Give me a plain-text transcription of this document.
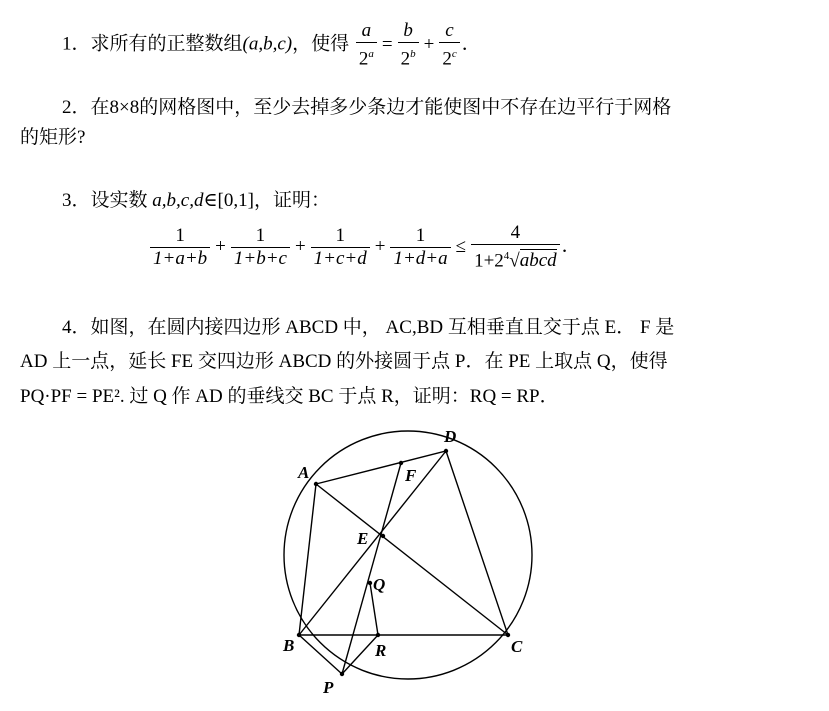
1．求所有的正整数组(a,b,c)，使得 $\frac{a}{2^a} = \frac{b}{2^b} + \frac{c}{2^c}$ ．
2．在8×8的网格图中，至少去掉多少条边才能使图中不存在边平行于网格
的矩形?
3．设实数 a,b,c,d∈[0,1]，证明：
$\frac{1}{1+a+b} + \frac{1}{1+b+c} + \frac{1}{1+c+d} + \frac{1}{1+d+a} \le \frac{4}{1+2^4√abcd}$ ．
4．如图，在圆内接四边形 ABCD 中， AC,BD 互相垂直且交于点 E． F 是
AD 上一点，延长 FE 交四边形 ABCD 的外接圆于点 P．在 PE 上取点 Q，使得
PQ·PF = PE². 过 Q 作 AD 的垂线交 BC 于点 R，证明：RQ = RP．
A
D
F
E
Q
B	R	C
P
